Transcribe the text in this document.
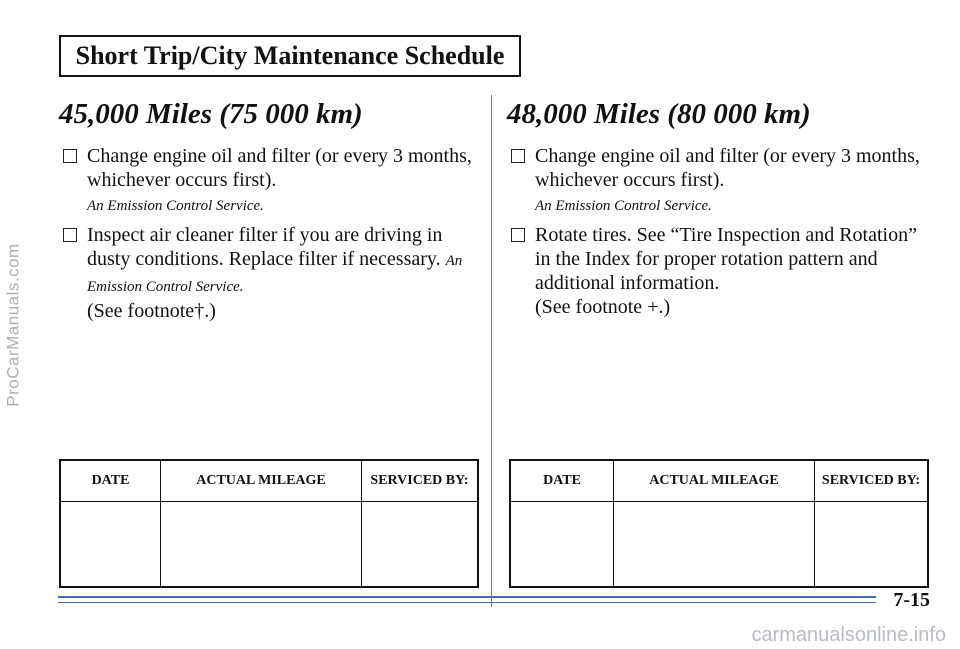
ProCarManuals.com
Short Trip/City Maintenance Schedule
45,000 Miles (75 000 km)
Change engine oil and filter (or every 3 months, whichever occurs first).
An Emission Control Service.
Inspect air cleaner filter if you are driving in dusty conditions. Replace filter if necessary. An Emission Control Service.
(See footnote†.)
48,000 Miles (80 000 km)
Change engine oil and filter (or every 3 months, whichever occurs first).
An Emission Control Service.
Rotate tires. See “Tire Inspection and Rotation” in the Index for proper rotation pattern and additional information.
(See footnote +.)
DATE	ACTUAL MILEAGE	SERVICED BY:
			DATE	ACTUAL MILEAGE	SERVICED BY:

7-15
carmanualsonline.info
